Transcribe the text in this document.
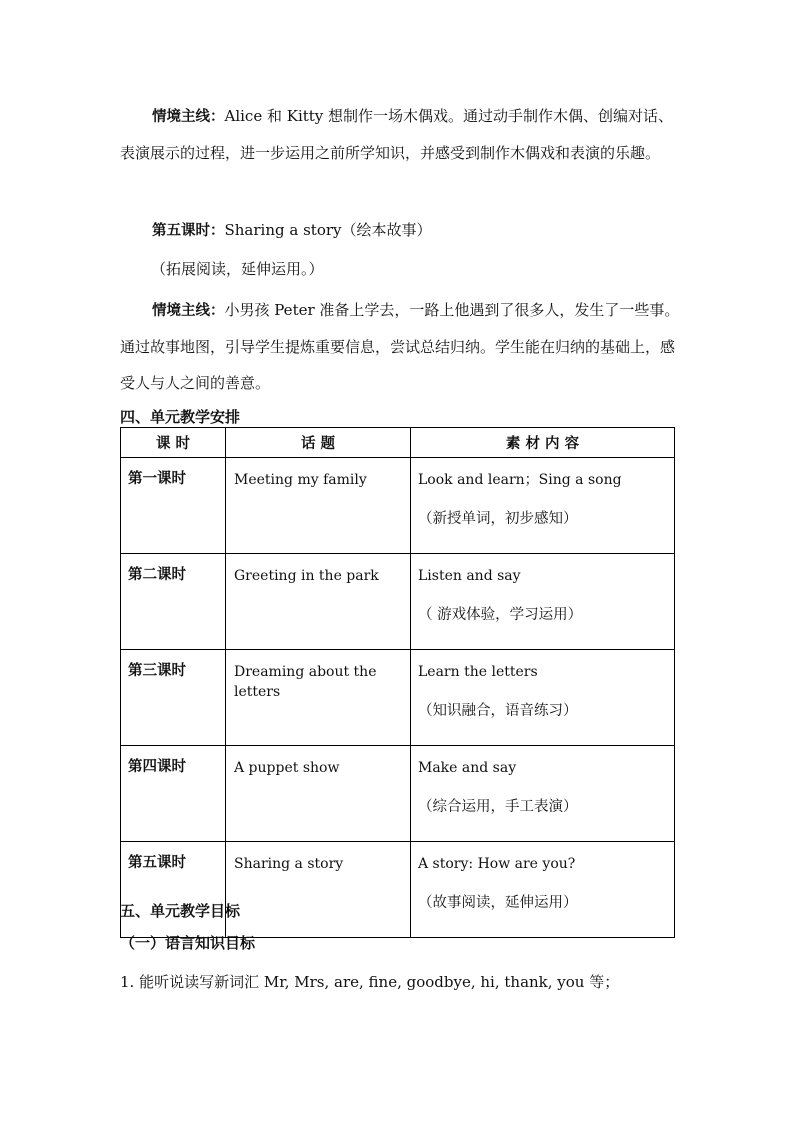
情境主线：Alice 和 Kitty 想制作一场木偶戏。通过动手制作木偶、创编对话、表演展示的过程，进一步运用之前所学知识，并感受到制作木偶戏和表演的乐趣。

第五课时：Sharing a story（绘本故事）

（拓展阅读，延伸运用。）

情境主线：小男孩 Peter 准备上学去，一路上他遇到了很多人，发生了一些事。通过故事地图，引导学生提炼重要信息，尝试总结归纳。学生能在归纳的基础上，感受人与人之间的善意。

四、单元教学安排

课 时	话 题	素 材 内 容
第一课时	Meeting my family	Look and learn；Sing a song
（新授单词，初步感知）

第二课时	Greeting in the park	Listen and say
（ 游戏体验，学习运用）

第三课时	Dreaming about the letters	Learn the letters
（知识融合，语音练习）

第四课时	A puppet show	Make and say
（综合运用，手工表演）

第五课时	Sharing a story	A story: How are you?
（故事阅读，延伸运用）

五、单元教学目标

（一）语言知识目标

1. 能听说读写新词汇 Mr, Mrs, are, fine, goodbye, hi, thank, you 等；
